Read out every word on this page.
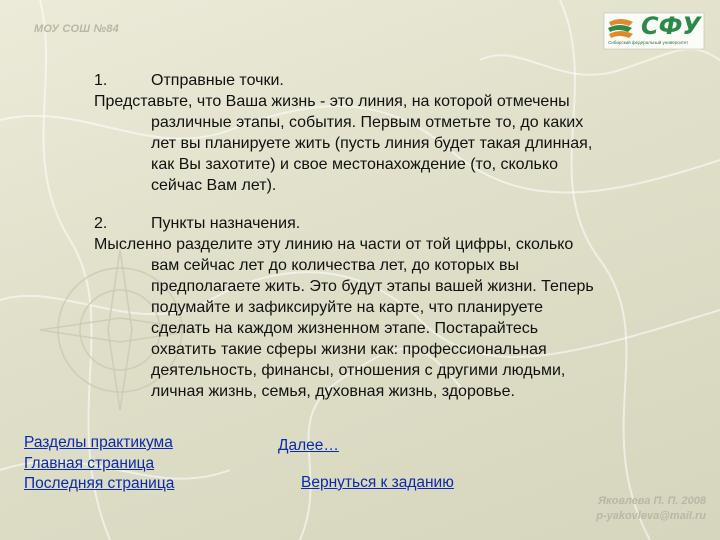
МОУ СОШ №84	СФУ
Сибирский федеральный университет
1.	Отправные точки.
Представьте, что Ваша жизнь - это линия, на которой отмечены
различные этапы, события. Первым отметьте то, до каких
лет вы планируете жить (пусть линия будет такая длинная,
как Вы захотите) и свое местонахождение (то, сколько
сейчас Вам лет).
2.	Пункты назначения.
Мысленно разделите эту линию на части от той цифры, сколько
вам сейчас лет до количества лет, до которых вы
предполагаете жить. Это будут этапы вашей жизни. Теперь
подумайте и зафиксируйте на карте, что планируете
сделать на каждом жизненном этапе. Постарайтесь
охватить такие сферы жизни как: профессиональная
деятельность, финансы, отношения с другими людьми,
личная жизнь, семья, духовная жизнь, здоровье.
Разделы практикума
Главная страница
Последняя страница
Далее…
Вернуться к заданию
Яковлева П. П. 2008
p-yakovleva@mail.ru
